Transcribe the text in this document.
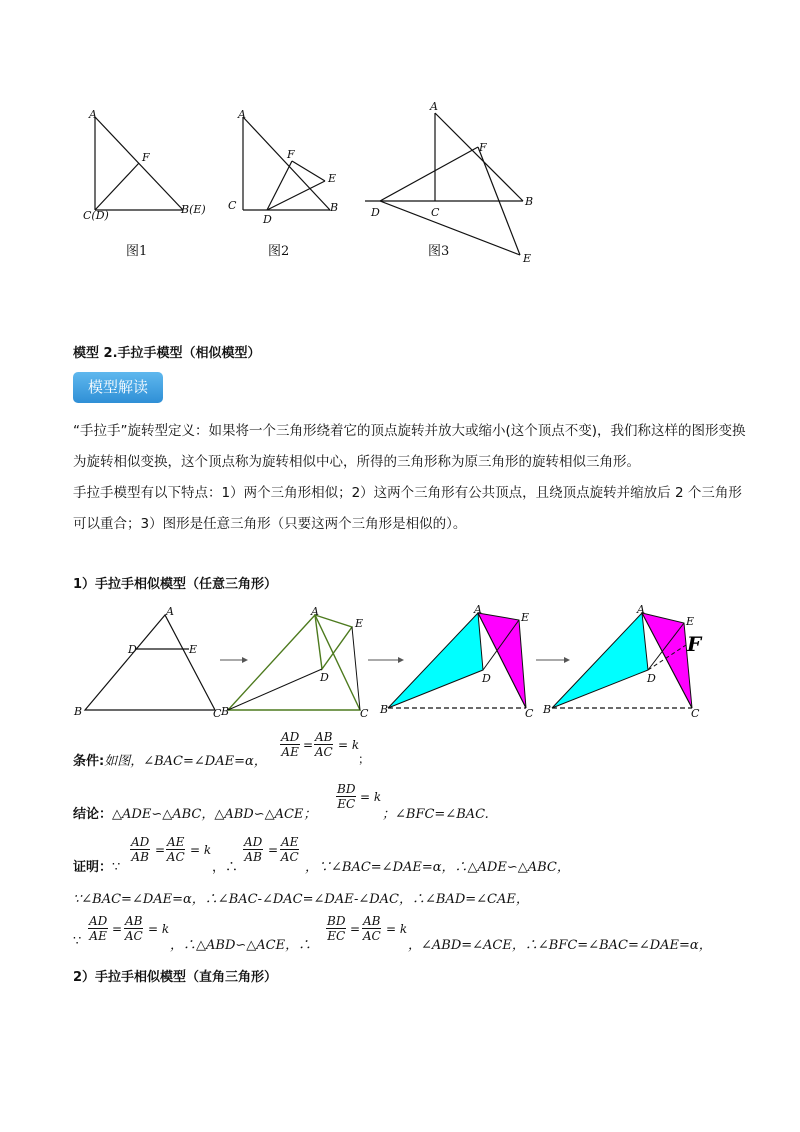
A
F
C(D)	B(E)
图1
A
F
E
C
D
B
图2
A
F
D	C
B
E
图3
模型 2.手拉手模型（相似模型）
模型解读
“手拉手”旋转型定义：如果将一个三角形绕着它的顶点旋转并放大或缩小(这个顶点不变)，我们称这样的图形变换为旋转相似变换，这个顶点称为旋转相似中心，所得的三角形称为原三角形的旋转相似三角形。
手拉手模型有以下特点：1）两个三角形相似；2）这两个三角形有公共顶点，且绕顶点旋转并缩放后 2 个三角形可以重合；3）图形是任意三角形（只要这两个三角形是相似的）。
1）手拉手相似模型（任意三角形）
A
D	E
B	C
A
E
D
B	C
A
E
D
B	C
A
E
D
B	C
F
条件:如图，∠BAC=∠DAE=α，
$\frac{AD}{AE} = \frac{AB}{AC} = k$
；
结论：△ADE∽△ABC，△ABD∽△ACE；
$\frac{BD}{EC} = k$
；∠BFC=∠BAC.
证明：∵
$\frac{AD}{AB} = \frac{AE}{AC} = k$
，∴
$\frac{AD}{AB} = \frac{AE}{AC}$
，∵∠BAC=∠DAE=α，∴△ADE∽△ABC，
∵∠BAC=∠DAE=α，∴∠BAC-∠DAC=∠DAE-∠DAC，∴∠BAD=∠CAE，
∵ $\frac{AD}{AE} = \frac{AB}{AC} = k$
，∴△ABD∽△ACE，∴
$\frac{BD}{EC} = \frac{AB}{AC} = k$
，∠ABD=∠ACE，∴∠BFC=∠BAC=∠DAE=α，
2）手拉手相似模型（直角三角形）
